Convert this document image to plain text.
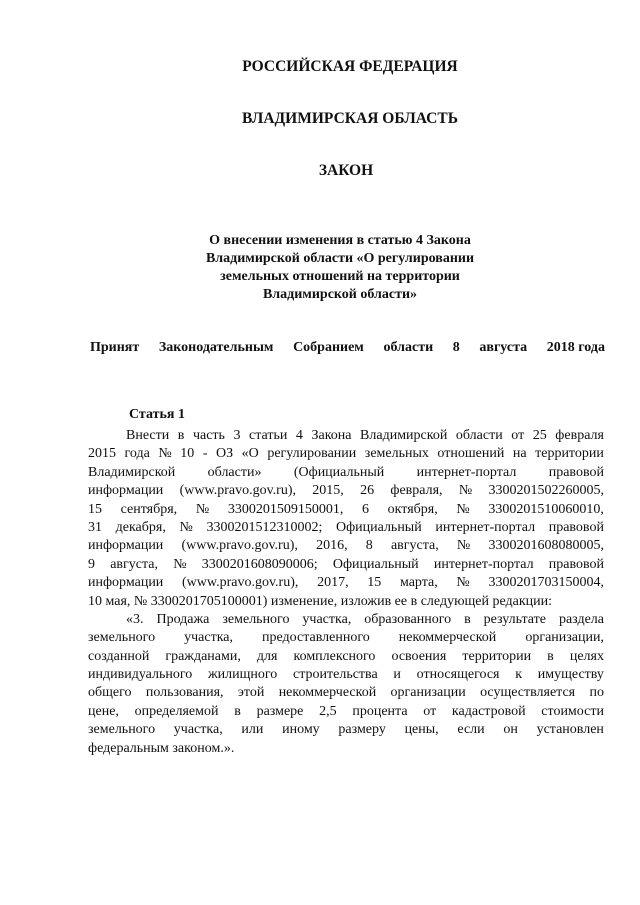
РОССИЙСКАЯ ФЕДЕРАЦИЯ
ВЛАДИМИРСКАЯ ОБЛАСТЬ
ЗАКОН
О внесении изменения в статью 4 Закона
Владимирской области «О регулировании
земельных отношений на территории
Владимирской области»
Принят Законодательным Собранием области 8 августа 2018 года
Статья 1
Внести в часть 3 статьи 4 Закона Владимирской области от 25 февраля
2015 года № 10 - ОЗ «О регулировании земельных отношений на территории
Владимирской области» (Официальный интернет-портал правовой
информации (www.pravo.gov.ru), 2015, 26 февраля, № 3300201502260005,
15 сентября, № 3300201509150001, 6 октября, № 3300201510060010,
31 декабря, № 3300201512310002; Официальный интернет-портал правовой
информации (www.pravo.gov.ru), 2016, 8 августа, № 3300201608080005,
9 августа, № 3300201608090006; Официальный интернет-портал правовой
информации (www.pravo.gov.ru), 2017, 15 марта, № 3300201703150004,
10 мая, № 3300201705100001) изменение, изложив ее в следующей редакции:
«3. Продажа земельного участка, образованного в результате раздела
земельного участка, предоставленного некоммерческой организации,
созданной гражданами, для комплексного освоения территории в целях
индивидуального жилищного строительства и относящегося к имуществу
общего пользования, этой некоммерческой организации осуществляется по
цене, определяемой в размере 2,5 процента от кадастровой стоимости
земельного участка, или иному размеру цены, если он установлен
федеральным законом.».
